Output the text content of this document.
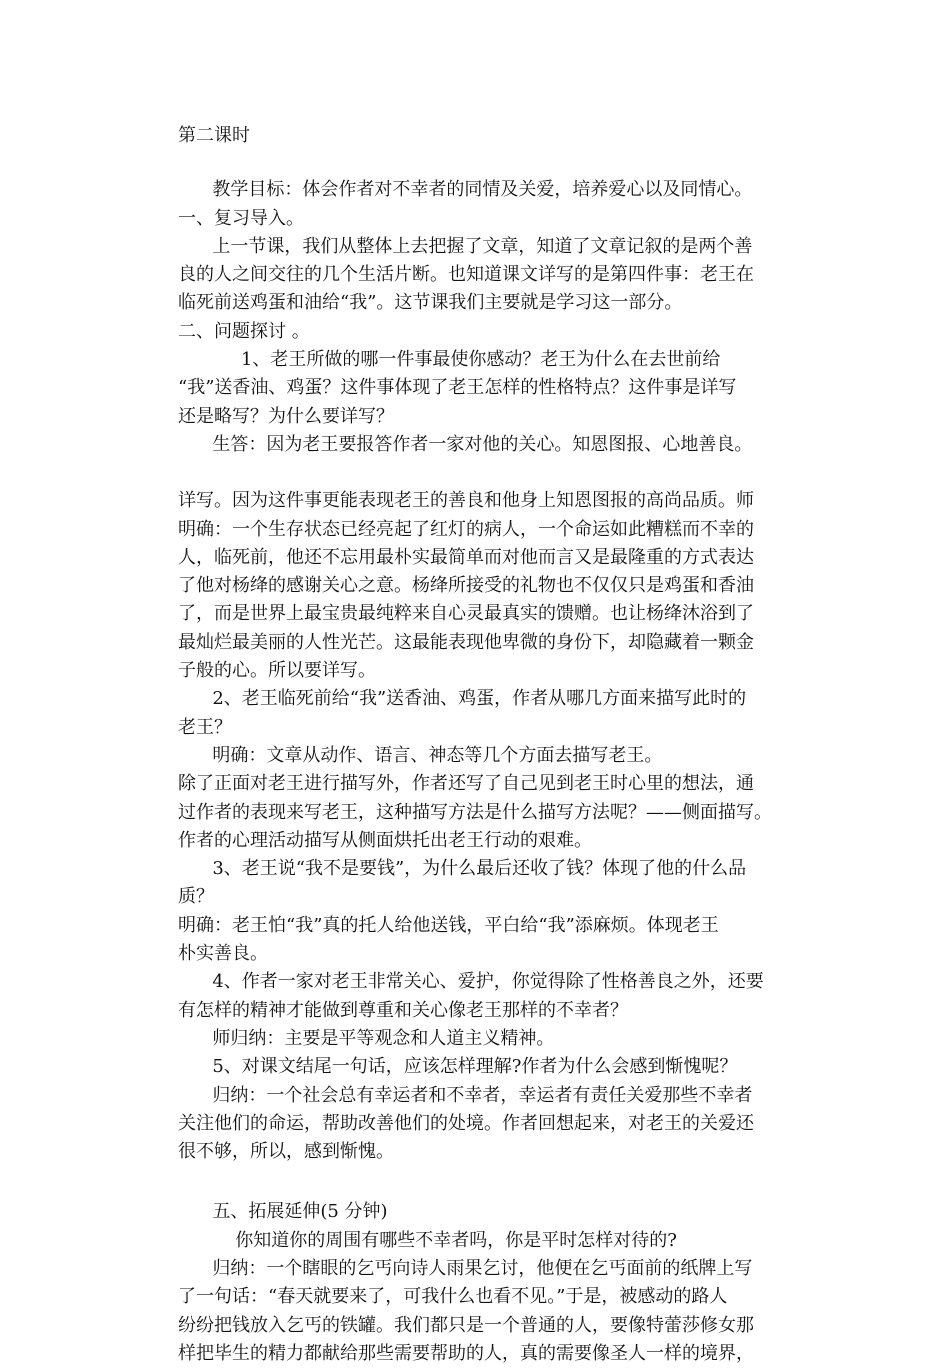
第二课时

教学目标：体会作者对不幸者的同情及关爱，培养爱心以及同情心。

一、复习导入。

上一节课，我们从整体上去把握了文章，知道了文章记叙的是两个善

良的人之间交往的几个生活片断。也知道课文详写的是第四件事：老王在

临死前送鸡蛋和油给“我”。这节课我们主要就是学习这一部分。

二、问题探讨 。

1、老王所做的哪一件事最使你感动？老王为什么在去世前给

“我”送香油、鸡蛋？这件事体现了老王怎样的性格特点？这件事是详写

还是略写？为什么要详写？

生答：因为老王要报答作者一家对他的关心。知恩图报、心地善良。

详写。因为这件事更能表现老王的善良和他身上知恩图报的高尚品质。师

明确：一个生存状态已经亮起了红灯的病人，一个命运如此糟糕而不幸的

人，临死前，他还不忘用最朴实最简单而对他而言又是最隆重的方式表达

了他对杨绛的感谢关心之意。杨绛所接受的礼物也不仅仅只是鸡蛋和香油

了，而是世界上最宝贵最纯粹来自心灵最真实的馈赠。也让杨绛沐浴到了

最灿烂最美丽的人性光芒。这最能表现他卑微的身份下，却隐藏着一颗金

子般的心。所以要详写。

2、老王临死前给“我”送香油、鸡蛋，作者从哪几方面来描写此时的

老王？

明确：文章从动作、语言、神态等几个方面去描写老王。

除了正面对老王进行描写外，作者还写了自己见到老王时心里的想法，通

过作者的表现来写老王，这种描写方法是什么描写方法呢？——侧面描写。

作者的心理活动描写从侧面烘托出老王行动的艰难。

3、老王说“我不是要钱”，为什么最后还收了钱？体现了他的什么品

质？

明确：老王怕“我”真的托人给他送钱，平白给“我”添麻烦。体现老王

朴实善良。

4、作者一家对老王非常关心、爱护，你觉得除了性格善良之外，还要

有怎样的精神才能做到尊重和关心像老王那样的不幸者？

师归纳：主要是平等观念和人道主义精神。

5、对课文结尾一句话，应该怎样理解?作者为什么会感到惭愧呢？

归纳：一个社会总有幸运者和不幸者，幸运者有责任关爱那些不幸者

关注他们的命运，帮助改善他们的处境。作者回想起来，对老王的关爱还

很不够，所以，感到惭愧。

五、拓展延伸(5 分钟)

你知道你的周围有哪些不幸者吗，你是平时怎样对待的?

归纳：一个瞎眼的乞丐向诗人雨果乞讨，他便在乞丐面前的纸牌上写

了一句话：“春天就要来了，可我什么也看不见。”于是，被感动的路人

纷纷把钱放入乞丐的铁罐。我们都只是一个普通的人，要像特蕾莎修女那

样把毕生的精力都献给那些需要帮助的人，真的需要像圣人一样的境界，
